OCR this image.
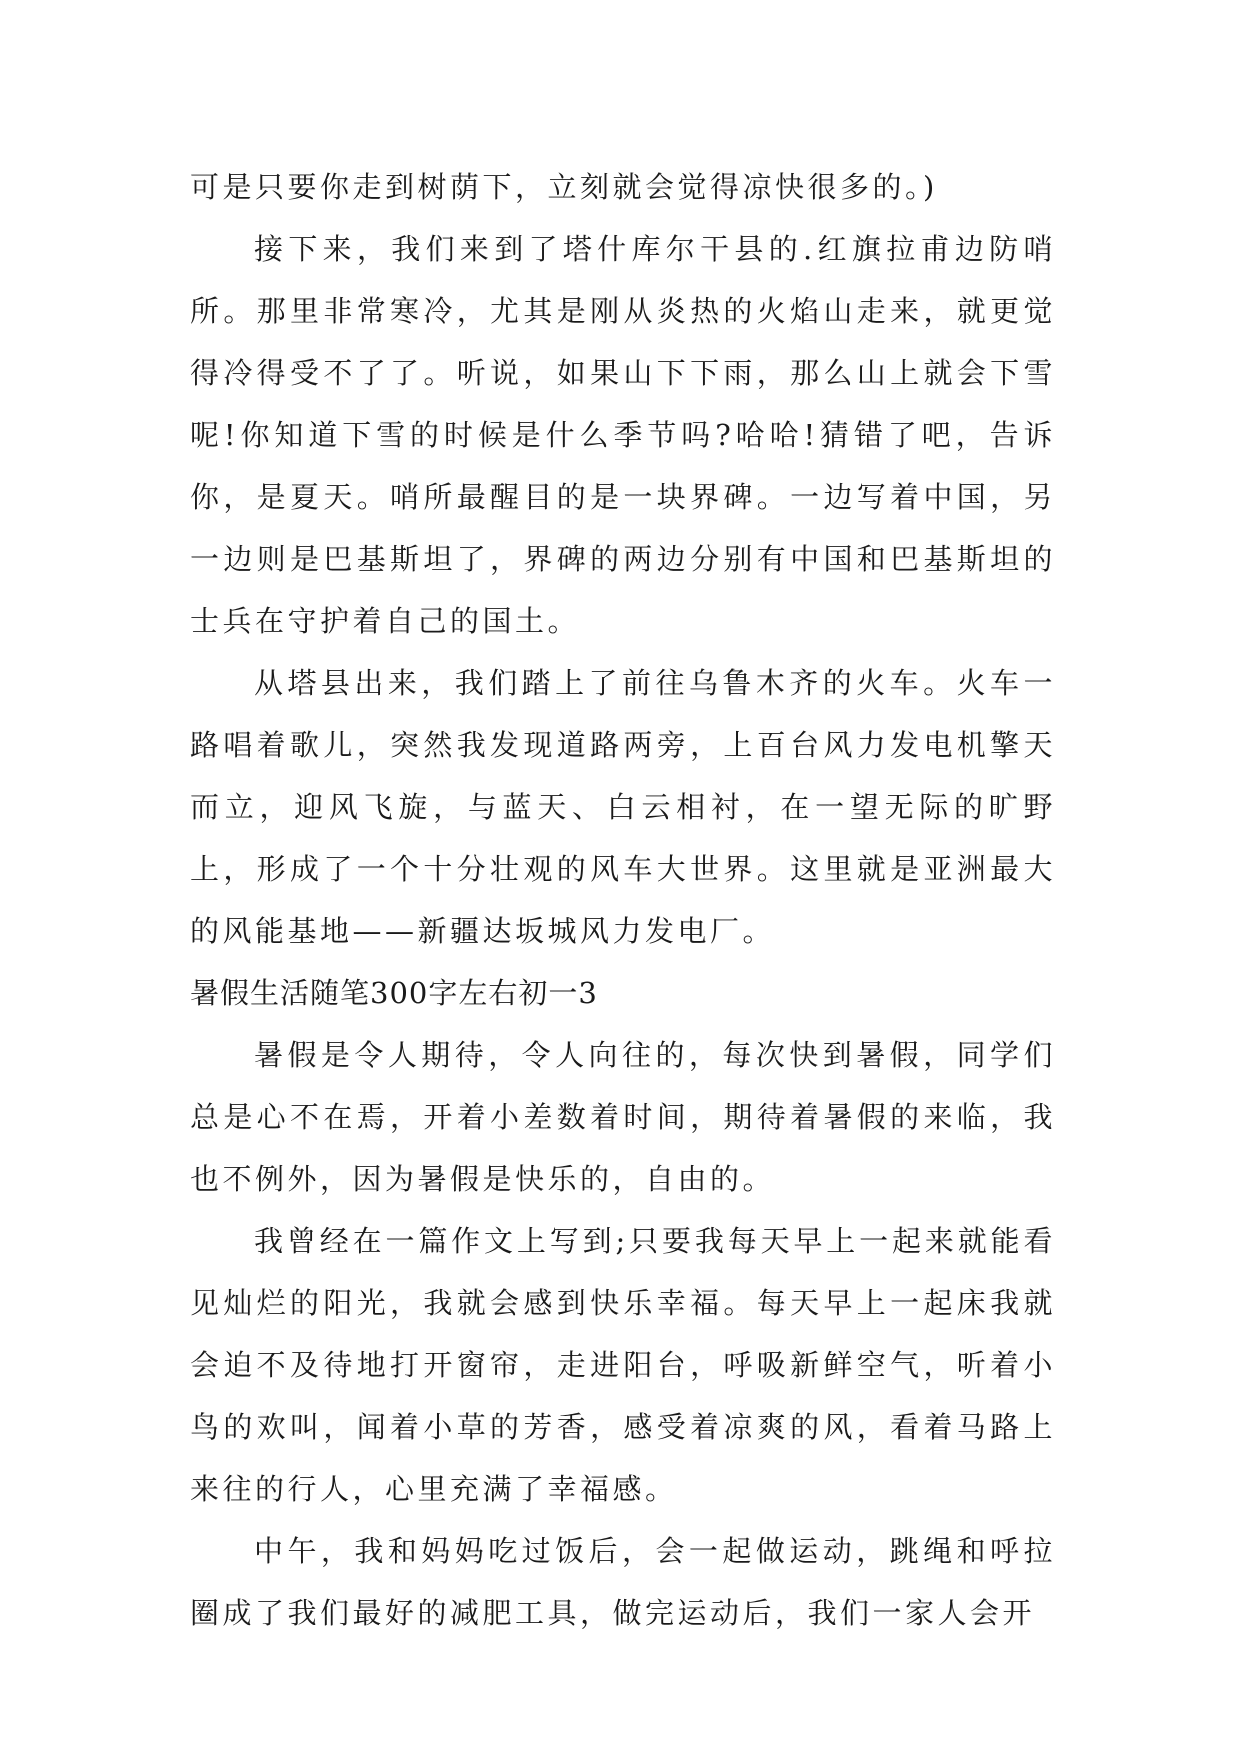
可是只要你走到树荫下，立刻就会觉得凉快很多的。)

接下来，我们来到了塔什库尔干县的.红旗拉甫边防哨所。那里非常寒冷，尤其是刚从炎热的火焰山走来，就更觉得冷得受不了了。听说，如果山下下雨，那么山上就会下雪呢!你知道下雪的时候是什么季节吗?哈哈!猜错了吧，告诉你，是夏天。哨所最醒目的是一块界碑。一边写着中国，另一边则是巴基斯坦了，界碑的两边分别有中国和巴基斯坦的士兵在守护着自己的国土。

从塔县出来，我们踏上了前往乌鲁木齐的火车。火车一路唱着歌儿，突然我发现道路两旁，上百台风力发电机擎天而立，迎风飞旋，与蓝天、白云相衬，在一望无际的旷野上，形成了一个十分壮观的风车大世界。这里就是亚洲最大的风能基地——新疆达坂城风力发电厂。

暑假生活随笔300字左右初一3

暑假是令人期待，令人向往的，每次快到暑假，同学们总是心不在焉，开着小差数着时间，期待着暑假的来临，我也不例外，因为暑假是快乐的，自由的。

我曾经在一篇作文上写到;只要我每天早上一起来就能看见灿烂的阳光，我就会感到快乐幸福。每天早上一起床我就会迫不及待地打开窗帘，走进阳台，呼吸新鲜空气，听着小鸟的欢叫，闻着小草的芳香，感受着凉爽的风，看着马路上来往的行人，心里充满了幸福感。

中午，我和妈妈吃过饭后，会一起做运动，跳绳和呼拉圈成了我们最好的减肥工具，做完运动后，我们一家人会开
